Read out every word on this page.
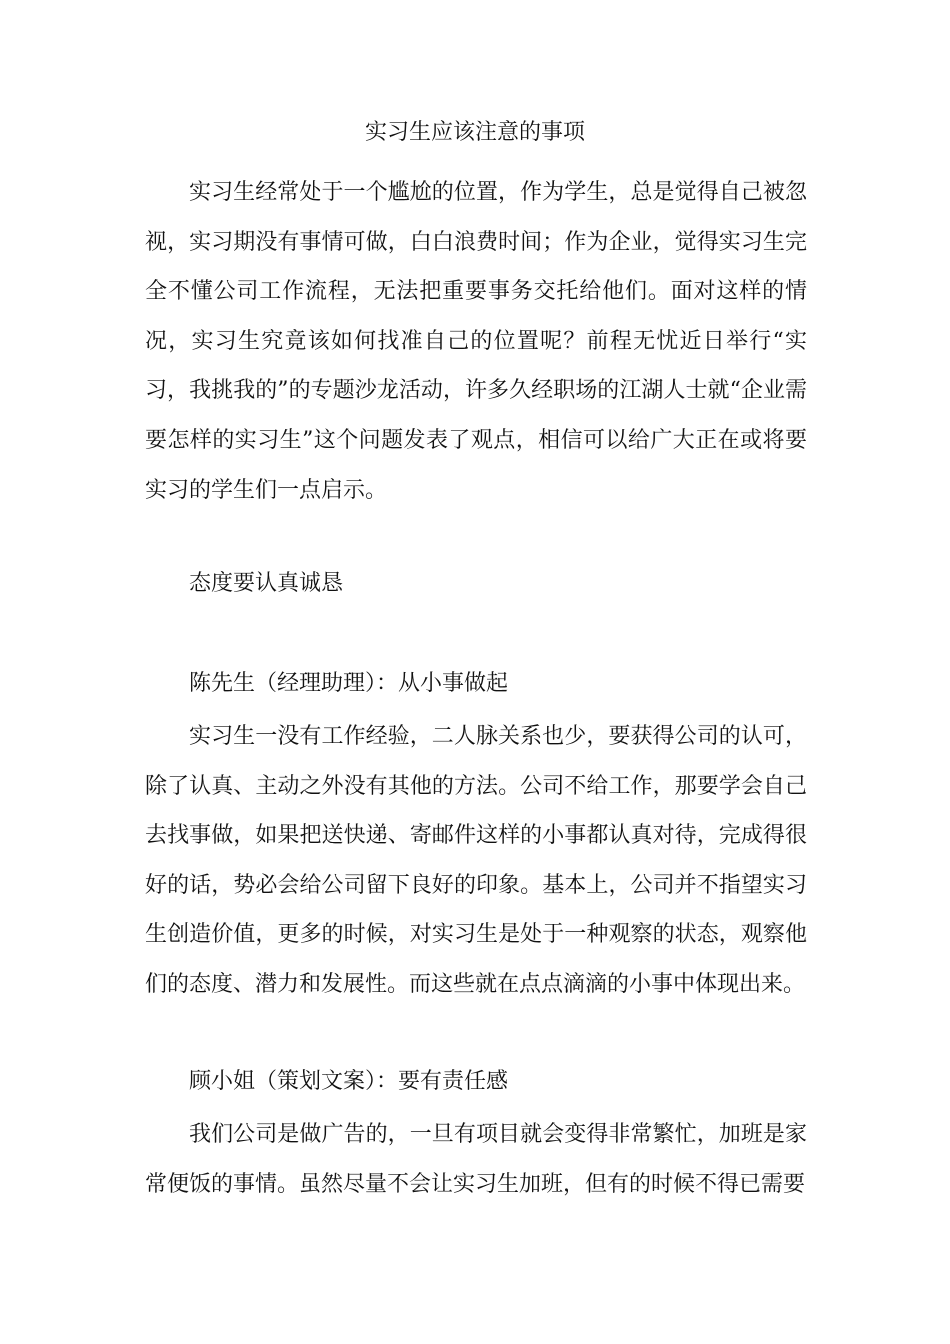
实习生应该注意的事项

实习生经常处于一个尴尬的位置，作为学生，总是觉得自己被忽视，实习期没有事情可做，白白浪费时间；作为企业，觉得实习生完全不懂公司工作流程，无法把重要事务交托给他们。面对这样的情况，实习生究竟该如何找准自己的位置呢？前程无忧近日举行“实习，我挑我的”的专题沙龙活动，许多久经职场的江湖人士就“企业需要怎样的实习生”这个问题发表了观点，相信可以给广大正在或将要实习的学生们一点启示。

态度要认真诚恳
陈先生（经理助理）：从小事做起

实习生一没有工作经验，二人脉关系也少，要获得公司的认可，除了认真、主动之外没有其他的方法。公司不给工作，那要学会自己去找事做，如果把送快递、寄邮件这样的小事都认真对待，完成得很好的话，势必会给公司留下良好的印象。基本上，公司并不指望实习生创造价值，更多的时候，对实习生是处于一种观察的状态，观察他们的态度、潜力和发展性。而这些就在点点滴滴的小事中体现出来。

顾小姐（策划文案）：要有责任感

我们公司是做广告的，一旦有项目就会变得非常繁忙，加班是家常便饭的事情。虽然尽量不会让实习生加班，但有的时候不得已需要
